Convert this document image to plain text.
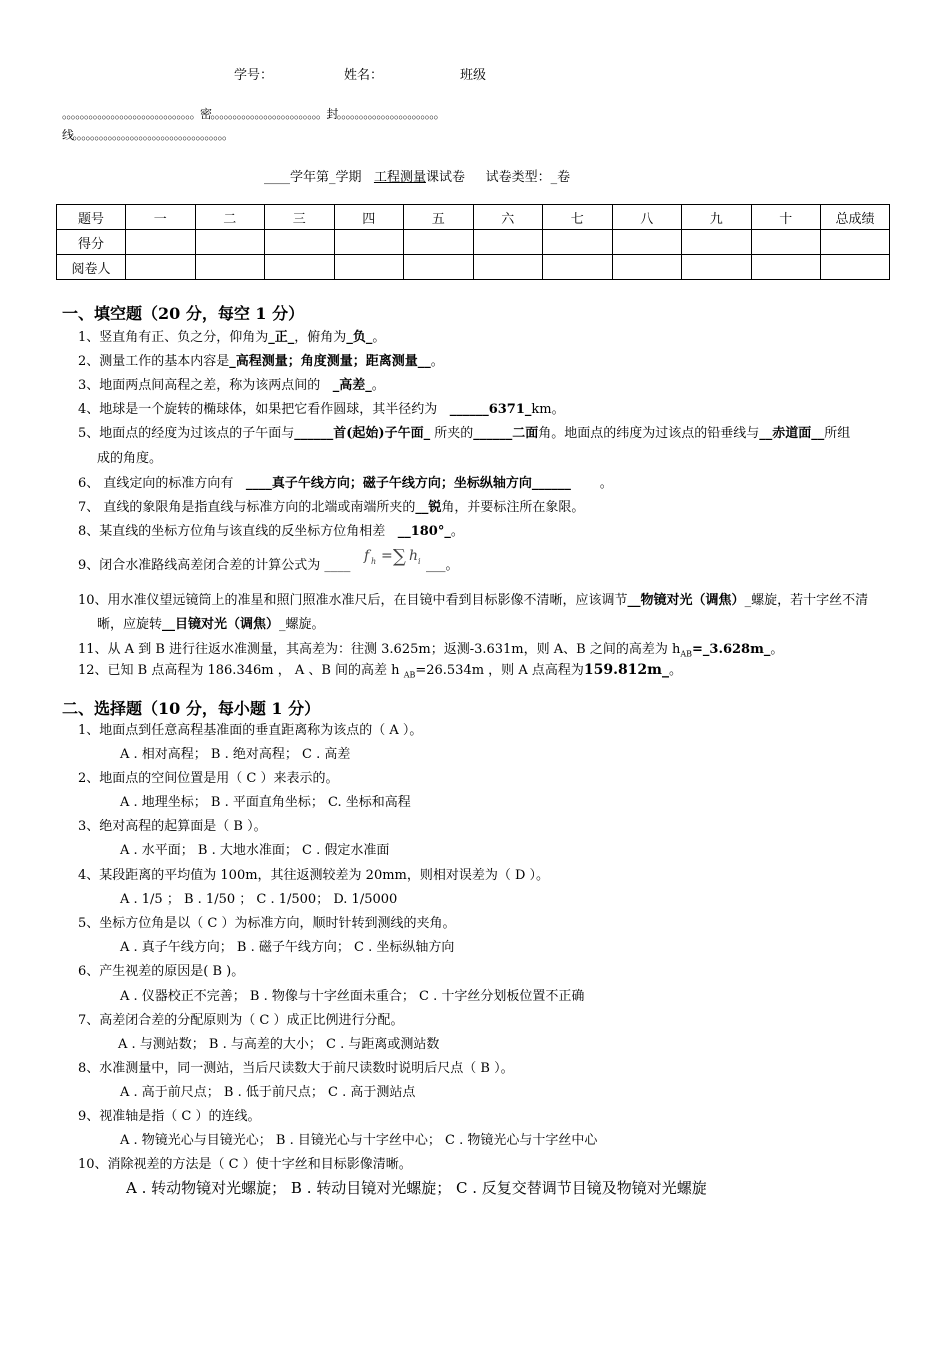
学号：	姓名：	班级
。。。。。。。。。。。。。。。。。。。。。。。。。。。。。。密。。。。。。。。。。。。。。。。。。。。。。。。。封。。。。。。。。。。。。。。。。。。。。。。。
线。。。。。。。。。。。。。。。。。。。。。。。。。。。。。。。。。。。
____学年第_学期 工程测量课试卷 试卷类型：_卷
题号	一	二	三	四	五	六	七	八	九	十	总成绩
得分											
阅卷人											
一、填空题（20 分，每空 1 分）
1、竖直角有正、负之分，仰角为_正_，俯角为_负_。
2、测量工作的基本内容是_高程测量；角度测量；距离测量__。
3、地面两点间高程之差，称为该两点间的 _高差_。
4、地球是一个旋转的椭球体，如果把它看作圆球，其半径约为 ______6371_km。
5、地面点的经度为过该点的子午面与______首(起始)子午面_ 所夹的______二面角。地面点的纬度为过该点的铅垂线与__赤道面__所组
成的角度。
6、 直线定向的标准方向有 ____真子午线方向；磁子午线方向；坐标纵轴方向______ 。
7、 直线的象限角是指直线与标准方向的北端或南端所夹的__锐角，并要标注所在象限。
8、某直线的坐标方位角与该直线的反坐标方位角相差 __180°_。
9、闭合水准路线高差闭合差的计算公式为 ____
f h = ∑ h i ___。
10、用水准仪望远镜筒上的准星和照门照准水准尺后，在目镜中看到目标影像不清晰，应该调节__物镜对光（调焦）_螺旋，若十字丝不清
晰，应旋转__目镜对光（调焦）_螺旋。
11、从 A 到 B 进行往返水准测量，其高差为：往测 3.625m；返测-3.631m，则 A、B 之间的高差为 $h_{AB}=\_3.628m\_$。
12、已知 B 点高程为 186.346m ， A 、B 间的高差 h $_{AB}$=26.534m ，则 A 点高程为159.812m_。
二、选择题（10 分，每小题 1 分）
1、地面点到任意高程基准面的垂直距离称为该点的（ A ）。
A . 相对高程； B . 绝对高程； C . 高差
2、地面点的空间位置是用（ C ）来表示的。
A . 地理坐标； B . 平面直角坐标； C. 坐标和高程
3、绝对高程的起算面是（ B ）。
A . 水平面； B . 大地水准面； C . 假定水准面
4、某段距离的平均值为 100m，其往返测较差为 20mm，则相对误差为（ D ）。
A . 1/5 ； B . 1/50 ； C . 1/500； D. 1/5000
5、坐标方位角是以（ C ）为标准方向，顺时针转到测线的夹角。
A . 真子午线方向； B . 磁子午线方向； C . 坐标纵轴方向
6、产生视差的原因是( B )。
A . 仪器校正不完善； B . 物像与十字丝面未重合； C . 十字丝分划板位置不正确
7、高差闭合差的分配原则为（ C ）成正比例进行分配。
A . 与测站数； B . 与高差的大小； C . 与距离或测站数
8、水准测量中，同一测站，当后尺读数大于前尺读数时说明后尺点（ B ）。
A . 高于前尺点； B . 低于前尺点； C . 高于测站点
9、视准轴是指（ C ）的连线。
A . 物镜光心与目镜光心； B . 目镜光心与十字丝中心； C . 物镜光心与十字丝中心
10、消除视差的方法是（ C ）使十字丝和目标影像清晰。
A . 转动物镜对光螺旋； B . 转动目镜对光螺旋； C . 反复交替调节目镜及物镜对光螺旋
